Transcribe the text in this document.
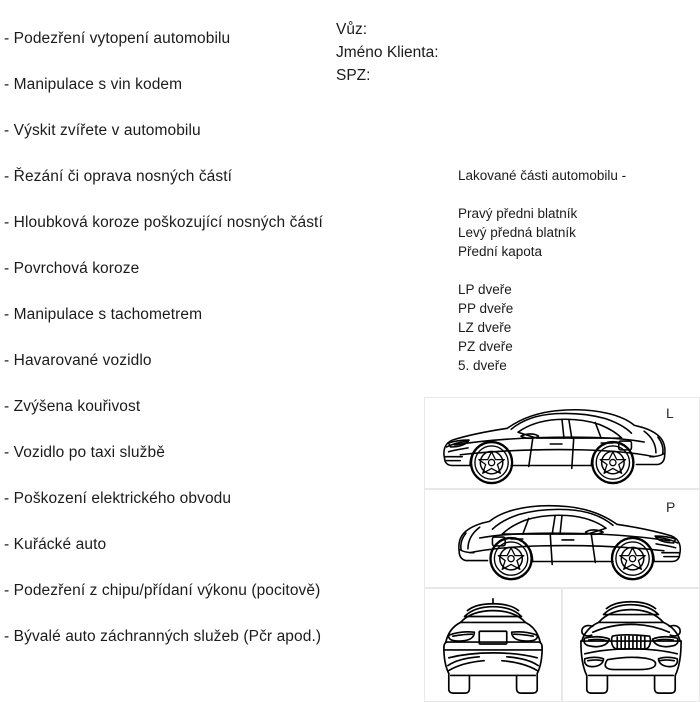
- Podezření vytopení automobilu
- Manipulace s vin kodem
- Výskit zvířete v automobilu
- Řezání či oprava nosných částí
- Hloubková koroze poškozující nosných částí
- Povrchová koroze
- Manipulace s tachometrem
- Havarované vozidlo
- Zvýšena kouřivost
- Vozidlo po taxi službě
- Poškození elektrického obvodu
- Kuřácké auto
- Podezření z chipu/přídaní výkonu (pocitově)
- Bývalé auto záchranných služeb (Pčr apod.)
Vůz:
Jméno Klienta:
SPZ:
Lakované části automobilu -
Pravý předni blatník
Levý předná blatník
Přední kapota
LP dveře
PP dveře
LZ dveře
PZ dveře
5. dveře
L
P
